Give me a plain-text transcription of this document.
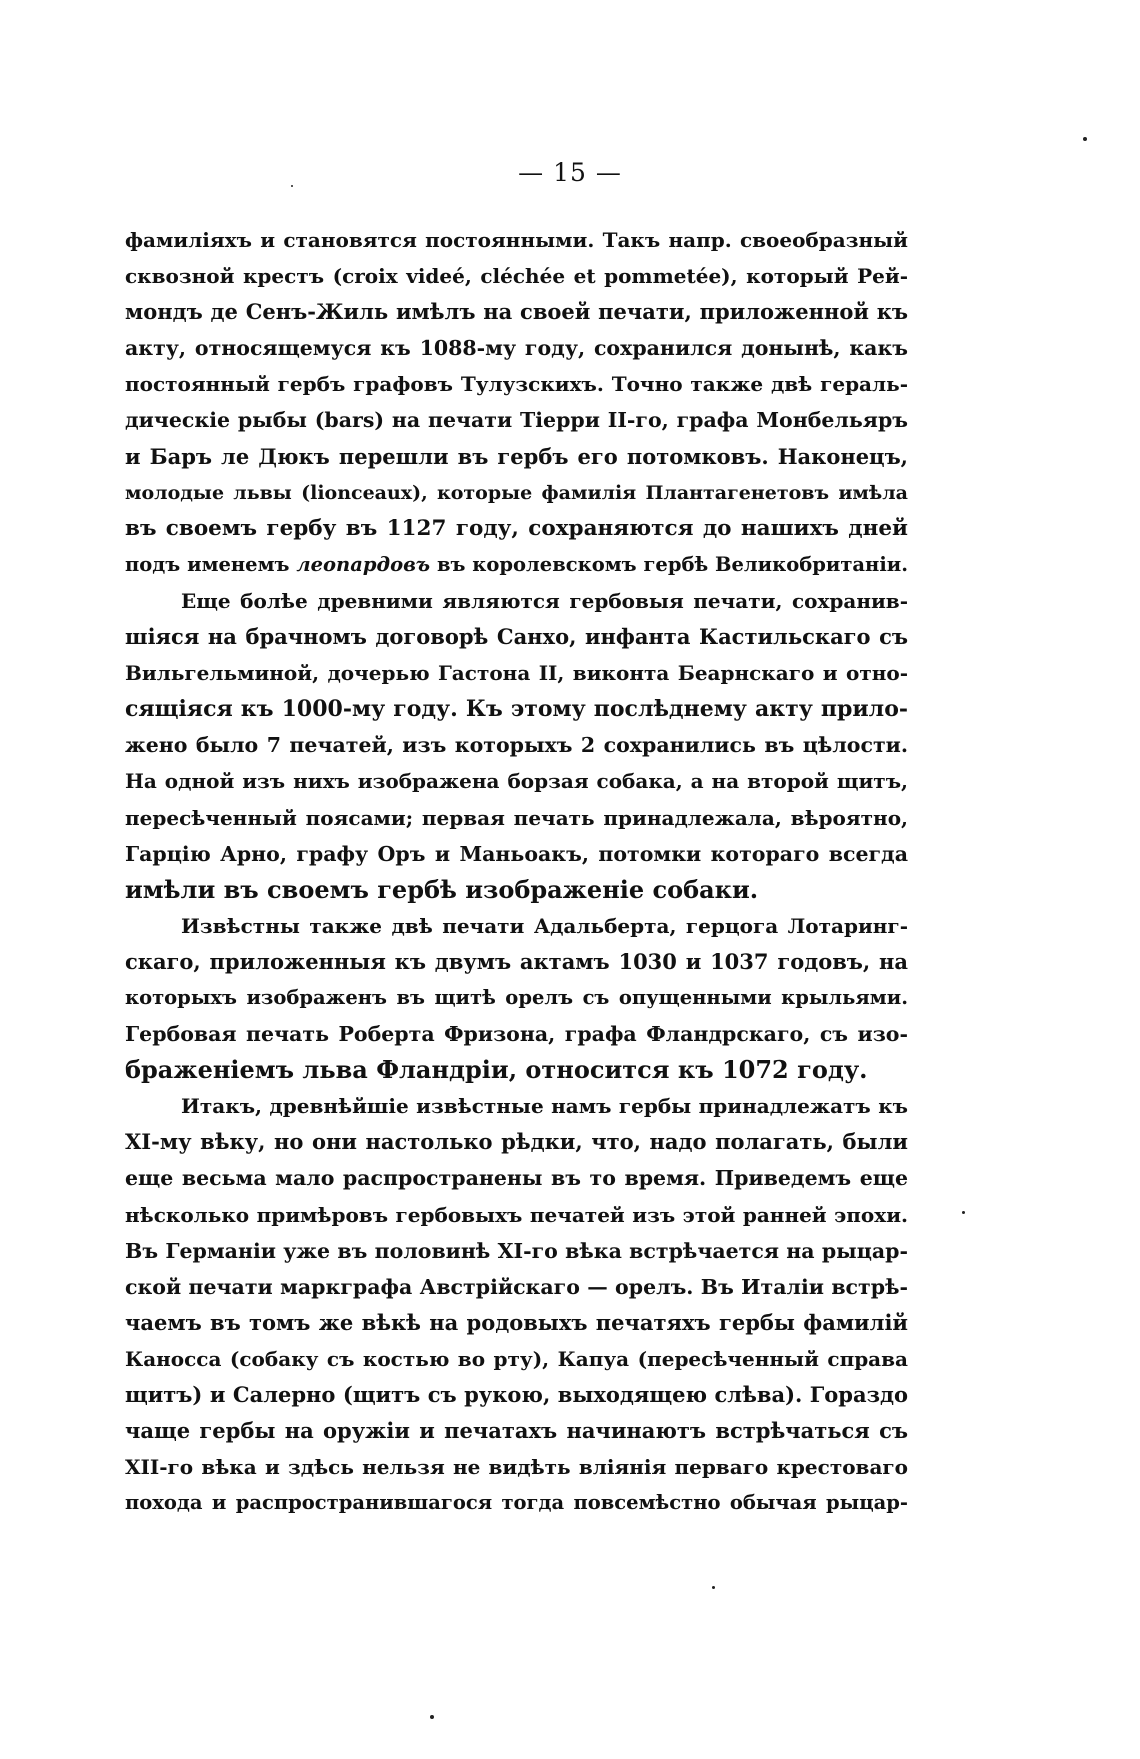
— 15 —
фамиліяхъ и становятся постоянными. Такъ напр. своеобразный
сквозной крестъ (croix videé, cléchée et pommetée), который Рей-
мондъ де Сенъ-Жиль имѣлъ на своей печати, приложенной къ
акту, относящемуся къ 1088-му году, сохранился донынѣ, какъ
постоянный гербъ графовъ Тулузскихъ. Точно также двѣ гераль-
дическіе рыбы (bars) на печати Тіерри II-го, графа Монбельяръ
и Баръ ле Дюкъ перешли въ гербъ его потомковъ. Наконецъ,
молодые львы (lionceaux), которые фамилія Плантагенетовъ имѣла
въ своемъ гербу въ 1127 году, сохраняются до нашихъ дней
подъ именемъ леопардовъ въ королевскомъ гербѣ Великобританіи.
Еще болѣе древними являются гербовыя печати, сохранив-
шіяся на брачномъ договорѣ Санхо, инфанта Кастильскаго съ
Вильгельминой, дочерью Гастона II, виконта Беарнскаго и отно-
сящіяся къ 1000-му году. Къ этому послѣднему акту прило-
жено было 7 печатей, изъ которыхъ 2 сохранились въ цѣлости.
На одной изъ нихъ изображена борзая собака, а на второй щитъ,
пересѣченный поясами; первая печать принадлежала, вѣроятно,
Гарцію Арно, графу Оръ и Маньоакъ, потомки котораго всегда
имѣли въ своемъ гербѣ изображеніе собаки.
Извѣстны также двѣ печати Адальберта, герцога Лотаринг-
скаго, приложенныя къ двумъ актамъ 1030 и 1037 годовъ, на
которыхъ изображенъ въ щитѣ орелъ съ опущенными крыльями.
Гербовая печать Роберта Фризона, графа Фландрскаго, съ изо-
браженіемъ льва Фландріи, относится къ 1072 году.
Итакъ, древнѣйшіе извѣстные намъ гербы принадлежатъ къ
XI-му вѣку, но они настолько рѣдки, что, надо полагать, были
еще весьма мало распространены въ то время. Приведемъ еще
нѣсколько примѣровъ гербовыхъ печатей изъ этой ранней эпохи.
Въ Германіи уже въ половинѣ XI-го вѣка встрѣчается на рыцар-
ской печати маркграфа Австрійскаго — орелъ. Въ Италіи встрѣ-
чаемъ въ томъ же вѣкѣ на родовыхъ печатяхъ гербы фамилій
Каносса (собаку съ костью во рту), Капуа (пересѣченный справа
щитъ) и Салерно (щитъ съ рукою, выходящею слѣва). Гораздо
чаще гербы на оружіи и печатахъ начинаютъ встрѣчаться съ
XII-го вѣка и здѣсь нельзя не видѣть вліянія перваго крестоваго
похода и распространившагося тогда повсемѣстно обычая рыцар-
